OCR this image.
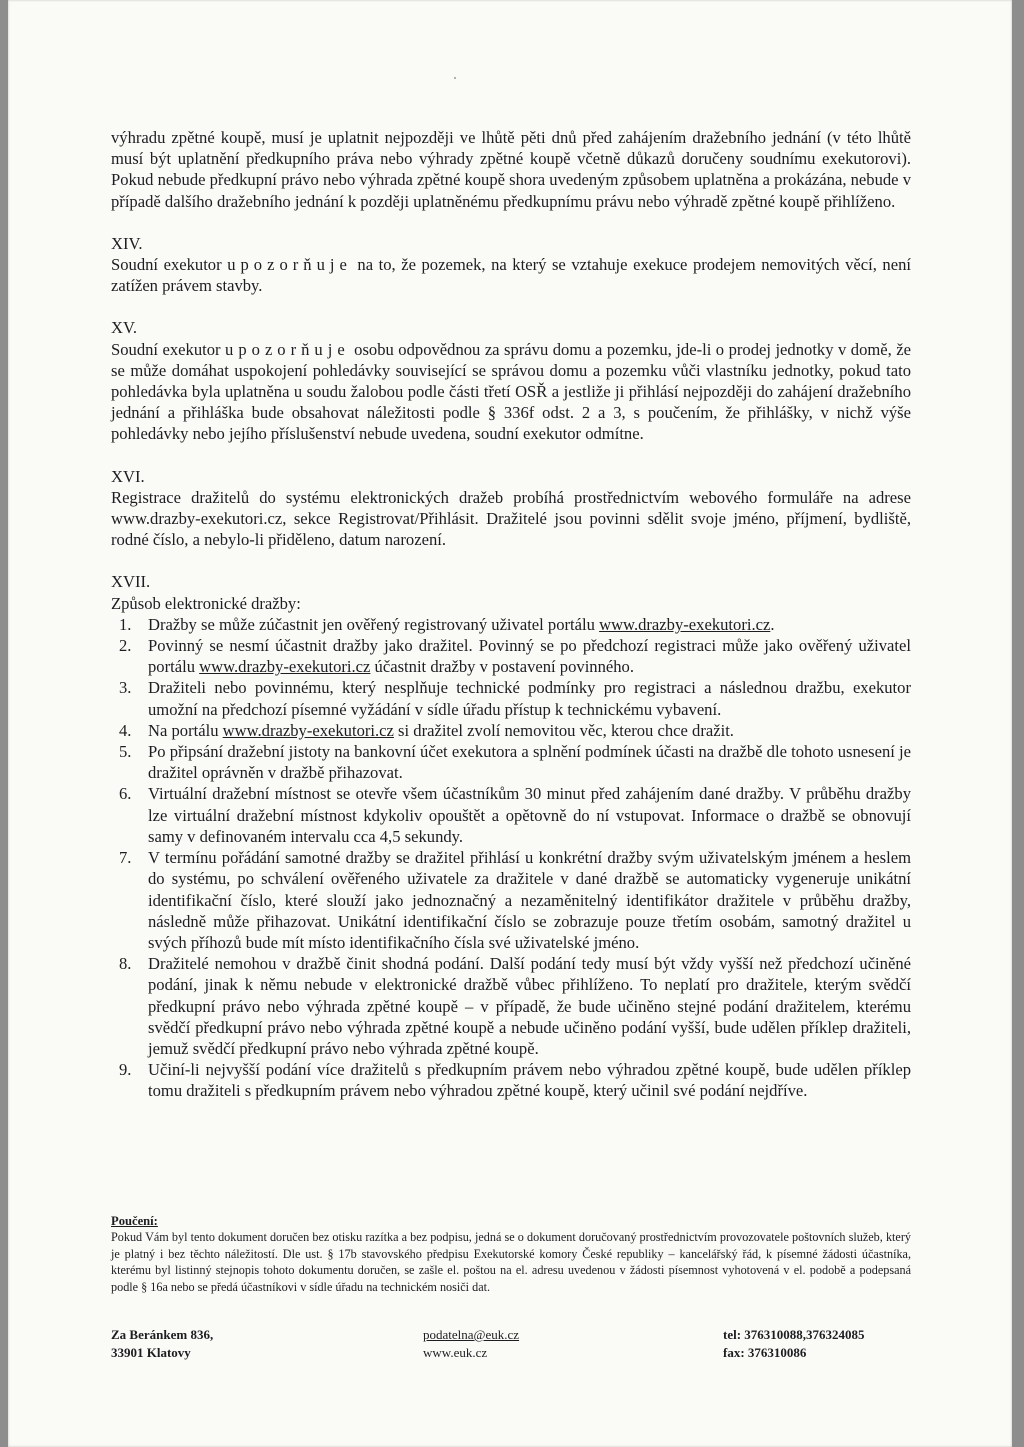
výhradu zpětné koupě, musí je uplatnit nejpozději ve lhůtě pěti dnů před zahájením dražebního jednání (v této lhůtě musí být uplatnění předkupního práva nebo výhrady zpětné koupě včetně důkazů doručeny soudnímu exekutorovi). Pokud nebude předkupní právo nebo výhrada zpětné koupě shora uvedeným způsobem uplatněna a prokázána, nebude v případě dalšího dražebního jednání k později uplatněnému předkupnímu právu nebo výhradě zpětné koupě přihlíženo.

XIV.

Soudní exekutor upozorňuje na to, že pozemek, na který se vztahuje exekuce prodejem nemovitých věcí, není zatížen právem stavby.

XV.

Soudní exekutor upozorňuje osobu odpovědnou za správu domu a pozemku, jde-li o prodej jednotky v domě, že se může domáhat uspokojení pohledávky související se správou domu a pozemku vůči vlastníku jednotky, pokud tato pohledávka byla uplatněna u soudu žalobou podle části třetí OSŘ a jestliže ji přihlásí nejpozději do zahájení dražebního jednání a přihláška bude obsahovat náležitosti podle § 336f odst. 2 a 3, s poučením, že přihlášky, v nichž výše pohledávky nebo jejího příslušenství nebude uvedena, soudní exekutor odmítne.

XVI.

Registrace dražitelů do systému elektronických dražeb probíhá prostřednictvím webového formuláře na adrese www.drazby-exekutori.cz, sekce Registrovat/Přihlásit. Dražitelé jsou povinni sdělit svoje jméno, příjmení, bydliště, rodné číslo, a nebylo-li přiděleno, datum narození.

XVII.

Způsob elektronické dražby:

1. Dražby se může zúčastnit jen ověřený registrovaný uživatel portálu www.drazby-exekutori.cz.
2. Povinný se nesmí účastnit dražby jako dražitel. Povinný se po předchozí registraci může jako ověřený uživatel portálu www.drazby-exekutori.cz účastnit dražby v postavení povinného.
3. Dražiteli nebo povinnému, který nesplňuje technické podmínky pro registraci a následnou dražbu, exekutor umožní na předchozí písemné vyžádání v sídle úřadu přístup k technickému vybavení.
4. Na portálu www.drazby-exekutori.cz si dražitel zvolí nemovitou věc, kterou chce dražit.
5. Po připsání dražební jistoty na bankovní účet exekutora a splnění podmínek účasti na dražbě dle tohoto usnesení je dražitel oprávněn v dražbě přihazovat.
6. Virtuální dražební místnost se otevře všem účastníkům 30 minut před zahájením dané dražby. V průběhu dražby lze virtuální dražební místnost kdykoliv opouštět a opětovně do ní vstupovat. Informace o dražbě se obnovují samy v definovaném intervalu cca 4,5 sekundy.
7. V termínu pořádání samotné dražby se dražitel přihlásí u konkrétní dražby svým uživatelským jménem a heslem do systému, po schválení ověřeného uživatele za dražitele v dané dražbě se automaticky vygeneruje unikátní identifikační číslo, které slouží jako jednoznačný a nezaměnitelný identifikátor dražitele v průběhu dražby, následně může přihazovat. Unikátní identifikační číslo se zobrazuje pouze třetím osobám, samotný dražitel u svých příhozů bude mít místo identifikačního čísla své uživatelské jméno.
8. Dražitelé nemohou v dražbě činit shodná podání. Další podání tedy musí být vždy vyšší než předchozí učiněné podání, jinak k němu nebude v elektronické dražbě vůbec přihlíženo. To neplatí pro dražitele, kterým svědčí předkupní právo nebo výhrada zpětné koupě – v případě, že bude učiněno stejné podání dražitelem, kterému svědčí předkupní právo nebo výhrada zpětné koupě a nebude učiněno podání vyšší, bude udělen příklep dražiteli, jemuž svědčí předkupní právo nebo výhrada zpětné koupě.
9. Učiní-li nejvyšší podání více dražitelů s předkupním právem nebo výhradou zpětné koupě, bude udělen příklep tomu dražiteli s předkupním právem nebo výhradou zpětné koupě, který učinil své podání nejdříve.
Poučení:
Pokud Vám byl tento dokument doručen bez otisku razítka a bez podpisu, jedná se o dokument doručovaný prostřednictvím provozovatele poštovních služeb, který je platný i bez těchto náležitostí. Dle ust. § 17b stavovského předpisu Exekutorské komory České republiky – kancelářský řád, k písemné žádosti účastníka, kterému byl listinný stejnopis tohoto dokumentu doručen, se zašle el. poštou na el. adresu uvedenou v žádosti písemnost vyhotovená v el. podobě a podepsaná podle § 16a nebo se předá účastníkovi v sídle úřadu na technickém nosiči dat.
Za Beránkem 836,
33901 Klatovy
podatelna@euk.cz
www.euk.cz
tel: 376310088,376324085
fax: 376310086
